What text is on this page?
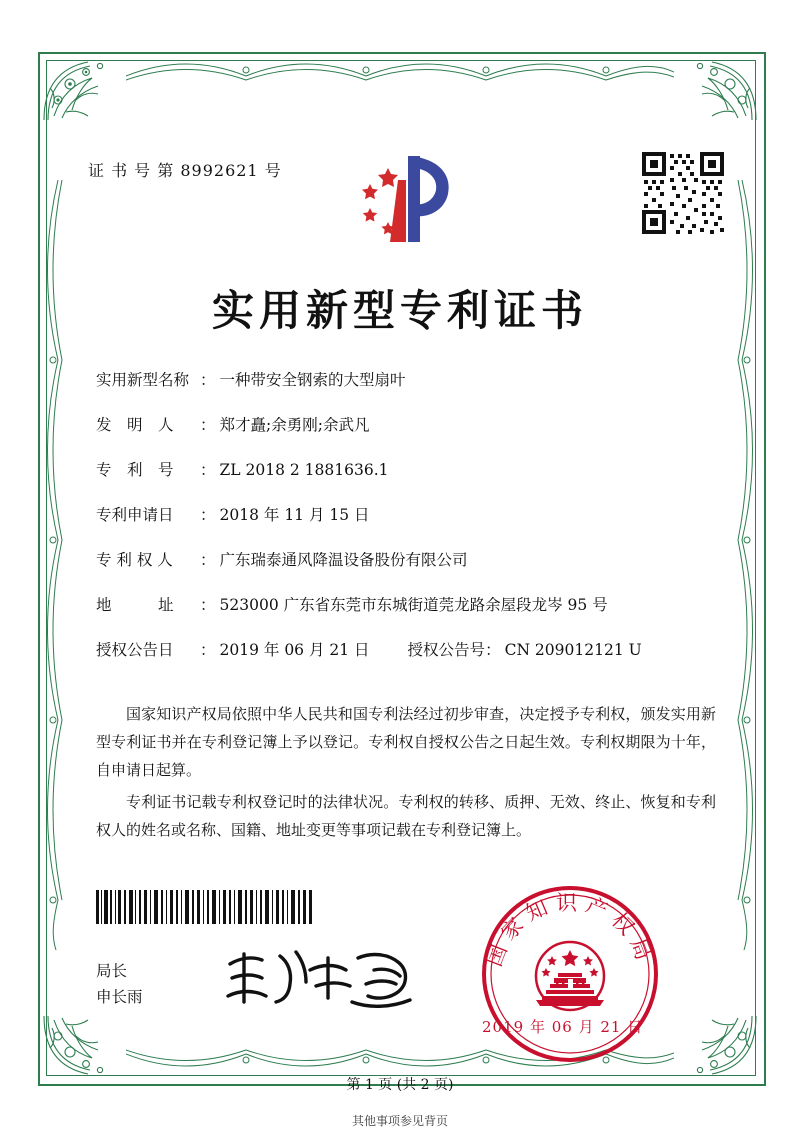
证 书 号 第 8992621 号
实用新型专利证书
实用新型名称 ： 一种带安全钢索的大型扇叶
发　明　人	： 郑才矗;余勇刚;余武凡
专　利　号	： ZL 2018 2 1881636.1
专利申请日	： 2018 年 11 月 15 日
专 利 权 人	： 广东瑞泰通风降温设备股份有限公司
地　　　址	： 523000 广东省东莞市东城街道莞龙路余屋段龙岑 95 号
授权公告日	： 2019 年 06 月 21 日	授权公告号 ： CN 209012121 U

国家知识产权局依照中华人民共和国专利法经过初步审查，决定授予专利权，颁发实用新型专利证书并在专利登记簿上予以登记。专利权自授权公告之日起生效。专利权期限为十年，自申请日起算。

专利证书记载专利权登记时的法律状况。专利权的转移、质押、无效、终止、恢复和专利权人的姓名或名称、国籍、地址变更等事项记载在专利登记簿上。

国家知识产权局
2019 年 06 月 21 日
局长
申长雨
第 1 页 (共 2 页)
其他事项参见背页
